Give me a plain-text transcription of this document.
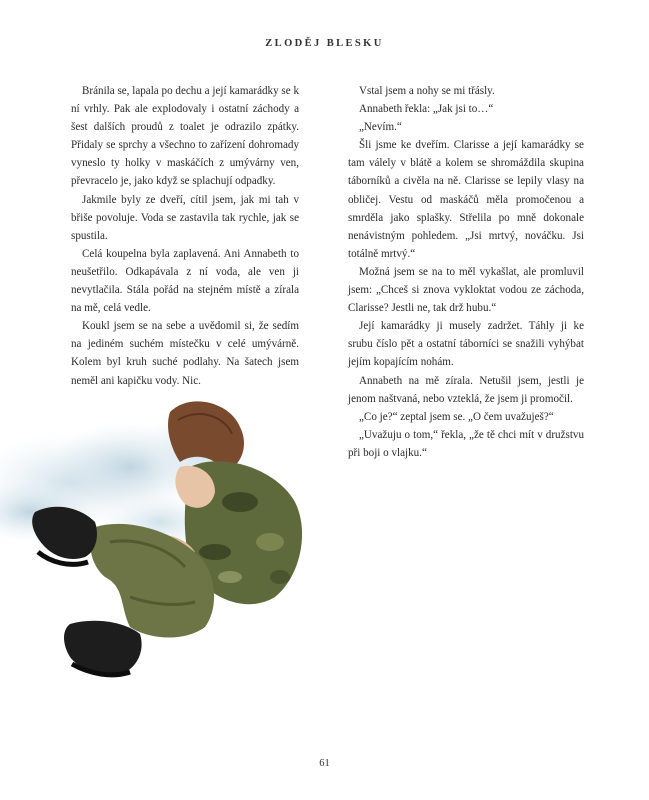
ZLODĚJ BLESKU

Bránila se, lapala po dechu a její kamarádky se k ní vrhly. Pak ale explodovaly i ostatní záchody a šest dalších proudů z toalet je odrazilo zpátky. Přidaly se sprchy a všechno to zařízení dohromady vyneslo ty holky v maskáčích z umývárny ven, převracelo je, jako když se splachují odpadky.

Jakmile byly ze dveří, cítil jsem, jak mi tah v břiše povoluje. Voda se zastavila tak rychle, jak se spustila.

Celá koupelna byla zaplavená. Ani Annabeth to neušetřilo. Odkapávala z ní voda, ale ven ji nevytlačila. Stála pořád na stejném místě a zírala na mě, celá vedle.

Koukl jsem se na sebe a uvědomil si, že sedím na jediném suchém místečku v celé umývárně. Kolem byl kruh suché podlahy. Na šatech jsem neměl ani kapičku vody. Nic.

Vstal jsem a nohy se mi třásly.

Annabeth řekla: „Jak jsi to…“

„Nevím.“

Šli jsme ke dveřím. Clarisse a její kamarádky se tam válely v blátě a kolem se shromáždila skupina táborníků a civěla na ně. Clarisse se lepily vlasy na obličej. Vestu od maskáčů měla promočenou a smrděla jako splašky. Střelila po mně dokonale nenávistným pohledem. „Jsi mrtvý, nováčku. Jsi totálně mrtvý.“

Možná jsem se na to měl vykašlat, ale promluvil jsem: „Chceš si znova vykloktat vodou ze záchoda, Clarisse? Jestli ne, tak drž hubu.“

Její kamarádky ji musely zadržet. Táhly ji ke srubu číslo pět a ostatní táborníci se snažili vyhýbat jejím kopajícím nohám.

Annabeth na mě zírala. Netušil jsem, jestli je jenom naštvaná, nebo vzteklá, že jsem ji promočil.

„Co je?“ zeptal jsem se. „O čem uvažuješ?“

„Uvažuju o tom,“ řekla, „že tě chci mít v družstvu při boji o vlajku.“

61
